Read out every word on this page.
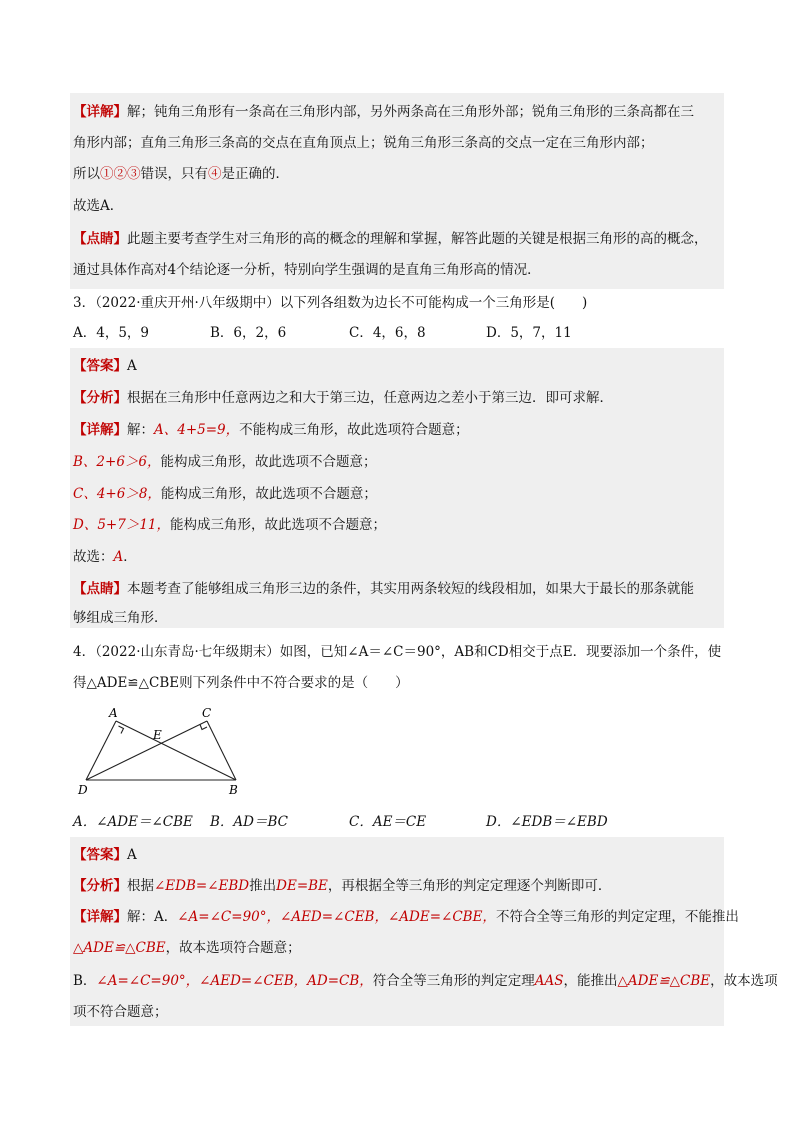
【详解】解；钝角三角形有一条高在三角形内部，另外两条高在三角形外部；锐角三角形的三条高都在三
角形内部；直角三角形三条高的交点在直角顶点上；锐角三角形三条高的交点一定在三角形内部；
所以①②③错误，只有④是正确的．
故选A．
【点睛】此题主要考查学生对三角形的高的概念的理解和掌握，解答此题的关键是根据三角形的高的概念，
通过具体作高对4个结论逐一分析，特别向学生强调的是直角三角形高的情况．
3．（2022·重庆开州·八年级期中）以下列各组数为边长不可能构成一个三角形是(　　)
A．4，5，9	B．6，2，6	C．4，6，8	D．5，7，11
【答案】A
【分析】根据在三角形中任意两边之和大于第三边，任意两边之差小于第三边．即可求解．
【详解】解：A、4+5=9，不能构成三角形，故此选项符合题意；
B、2+6＞6，能构成三角形，故此选项不合题意；
C、4+6＞8，能构成三角形，故此选项不合题意；
D、5+7＞11，能构成三角形，故此选项不合题意；
故选：A．
【点睛】本题考查了能够组成三角形三边的条件，其实用两条较短的线段相加，如果大于最长的那条就能
够组成三角形．
4．（2022·山东青岛·七年级期末）如图，已知∠A＝∠C＝90°，AB和CD相交于点E．现要添加一个条件，使
得△ADE≌△CBE则下列条件中不符合要求的是（　　）
A	C
E
D	B
A．∠ADE＝∠CBE B．AD＝BC	C．AE＝CE	D．∠EDB＝∠EBD
【答案】A
【分析】根据∠EDB=∠EBD推出DE=BE，再根据全等三角形的判定定理逐个判断即可．
【详解】解：A．∠A=∠C=90°，∠AED=∠CEB，∠ADE=∠CBE，不符合全等三角形的判定定理，不能推出
△ADE≌△CBE，故本选项符合题意；
B．∠A=∠C=90°，∠AED=∠CEB，AD=CB，符合全等三角形的判定定理AAS，能推出△ADE≌△CBE，故本选项
项不符合题意；
